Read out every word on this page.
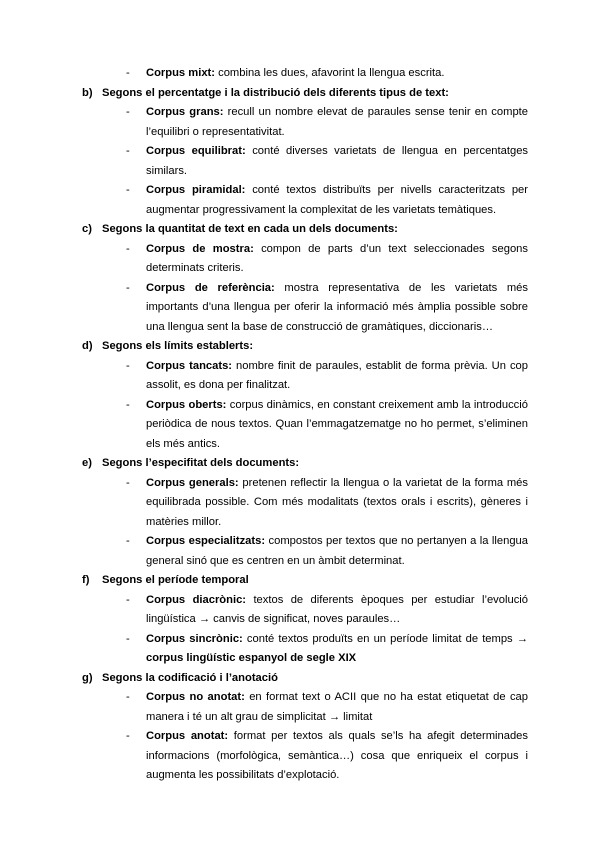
- Corpus mixt: combina les dues, afavorint la llengua escrita.
b) Segons el percentatge i la distribució dels diferents tipus de text:
- Corpus grans: recull un nombre elevat de paraules sense tenir en compte l’equilibri o representativitat.
- Corpus equilibrat: conté diverses varietats de llengua en percentatges similars.
- Corpus piramidal: conté textos distribuïts per nivells caracteritzats per augmentar progressivament la complexitat de les varietats temàtiques.
c) Segons la quantitat de text en cada un dels documents:
- Corpus de mostra: compon de parts d’un text seleccionades segons determinats criteris.
- Corpus de referència: mostra representativa de les varietats més importants d’una llengua per oferir la informació més àmplia possible sobre una llengua sent la base de construcció de gramàtiques, diccionaris…
d) Segons els límits establerts:
- Corpus tancats: nombre finit de paraules, establit de forma prèvia. Un cop assolit, es dona per finalitzat.
- Corpus oberts: corpus dinàmics, en constant creixement amb la introducció periòdica de nous textos. Quan l’emmagatzematge no ho permet, s’eliminen els més antics.
e) Segons l’especifitat dels documents:
- Corpus generals: pretenen reflectir la llengua o la varietat de la forma més equilibrada possible. Com més modalitats (textos orals i escrits), gèneres i matèries millor.
- Corpus especialitzats: compostos per textos que no pertanyen a la llengua general sinó que es centren en un àmbit determinat.
f) Segons el període temporal
- Corpus diacrònic: textos de diferents èpoques per estudiar l’evolució lingüística → canvis de significat, noves paraules…
- Corpus sincrònic: conté textos produïts en un període limitat de temps → corpus lingüístic espanyol de segle XIX
g) Segons la codificació i l’anotació
- Corpus no anotat: en format text o ACII que no ha estat etiquetat de cap manera i té un alt grau de simplicitat → limitat
- Corpus anotat: format per textos als quals se’ls ha afegit determinades informacions (morfològica, semàntica…) cosa que enriqueix el corpus i augmenta les possibilitats d’explotació.
